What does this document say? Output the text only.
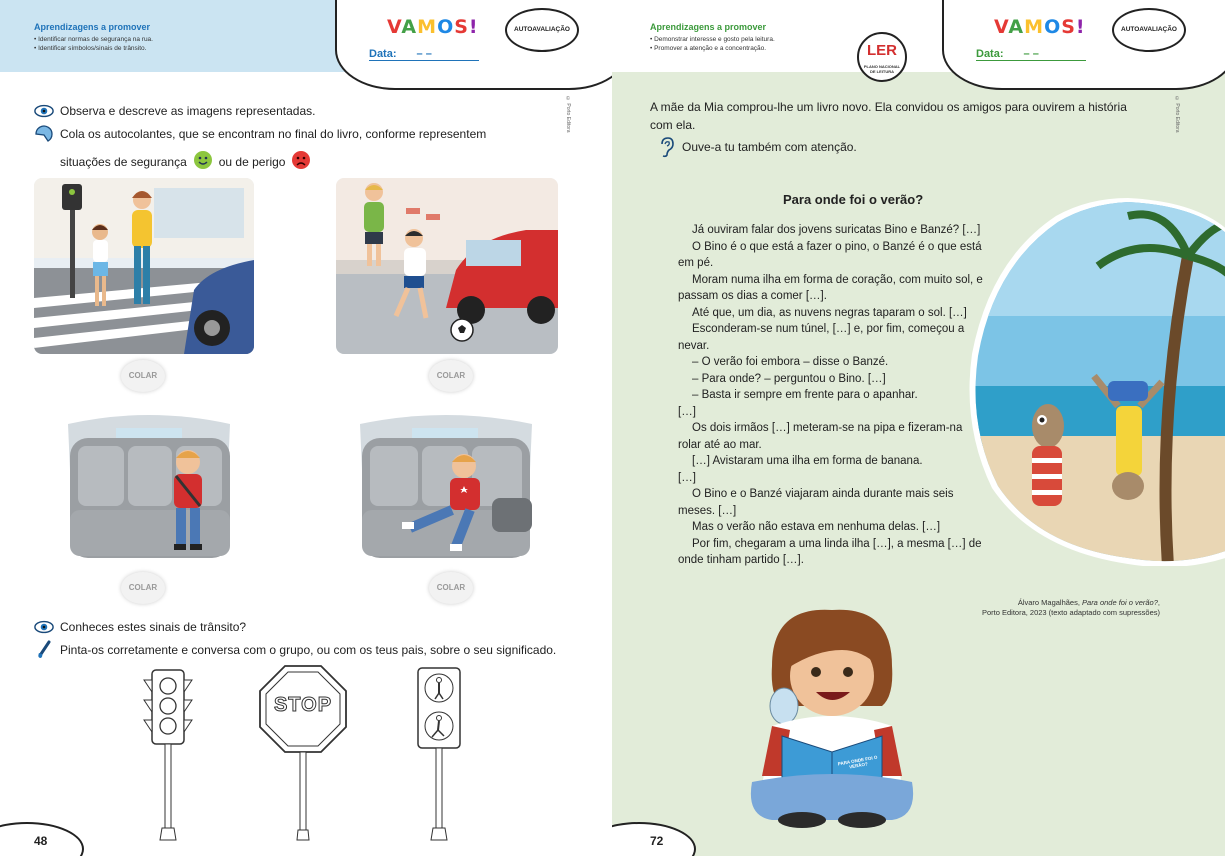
Aprendizagens a promover
• Identificar normas de segurança na rua.
• Identificar símbolos/sinais de trânsito.
VAMOS!
Data: – –
AUTOAVALIAÇÃO
© Porto Editora
Observa e descreve as imagens representadas.
Cola os autocolantes, que se encontram no final do livro, conforme representem
situações de segurança	ou de perigo
COLAR	COLAR
COLAR	COLAR
Conheces estes sinais de trânsito?
Pinta-os corretamente e conversa com o grupo, ou com os teus pais, sobre o seu significado.
STOP
48
Aprendizagens a promover
• Demonstrar interesse e gosto pela leitura.
• Promover a atenção e a concentração.	LER
PLANO NACIONAL DE LEITURA
VAMOS!
Data: – –
AUTOAVALIAÇÃO
© Porto Editora
72
PARA ONDE FOI O VERÃO?
A mãe da Mia comprou-lhe um livro novo. Ela convidou os amigos para ouvirem a história
com ela.
Ouve-a tu também com atenção.
Para onde foi o verão?

Já ouviram falar dos jovens suricatas Bino e Banzé? […]

O Bino é o que está a fazer o pino, o Banzé é o que está em pé.

Moram numa ilha em forma de coração, com muito sol, e passam os dias a comer […].

Até que, um dia, as nuvens negras taparam o sol. […]

Esconderam-se num túnel, […] e, por fim, começou a nevar.

– O verão foi embora – disse o Banzé.

– Para onde? – perguntou o Bino. […]

– Basta ir sempre em frente para o apanhar.

[…]

Os dois irmãos […] meteram-se na pipa e fizeram-na rolar até ao mar.

[…] Avistaram uma ilha em forma de banana.

[…]

O Bino e o Banzé viajaram ainda durante mais seis meses. […]

Mas o verão não estava em nenhuma delas. […]

Por fim, chegaram a uma linda ilha […], a mesma […] de onde tinham partido […].

Álvaro Magalhães, Para onde foi o verão?,
Porto Editora, 2023 (texto adaptado com supressões)
